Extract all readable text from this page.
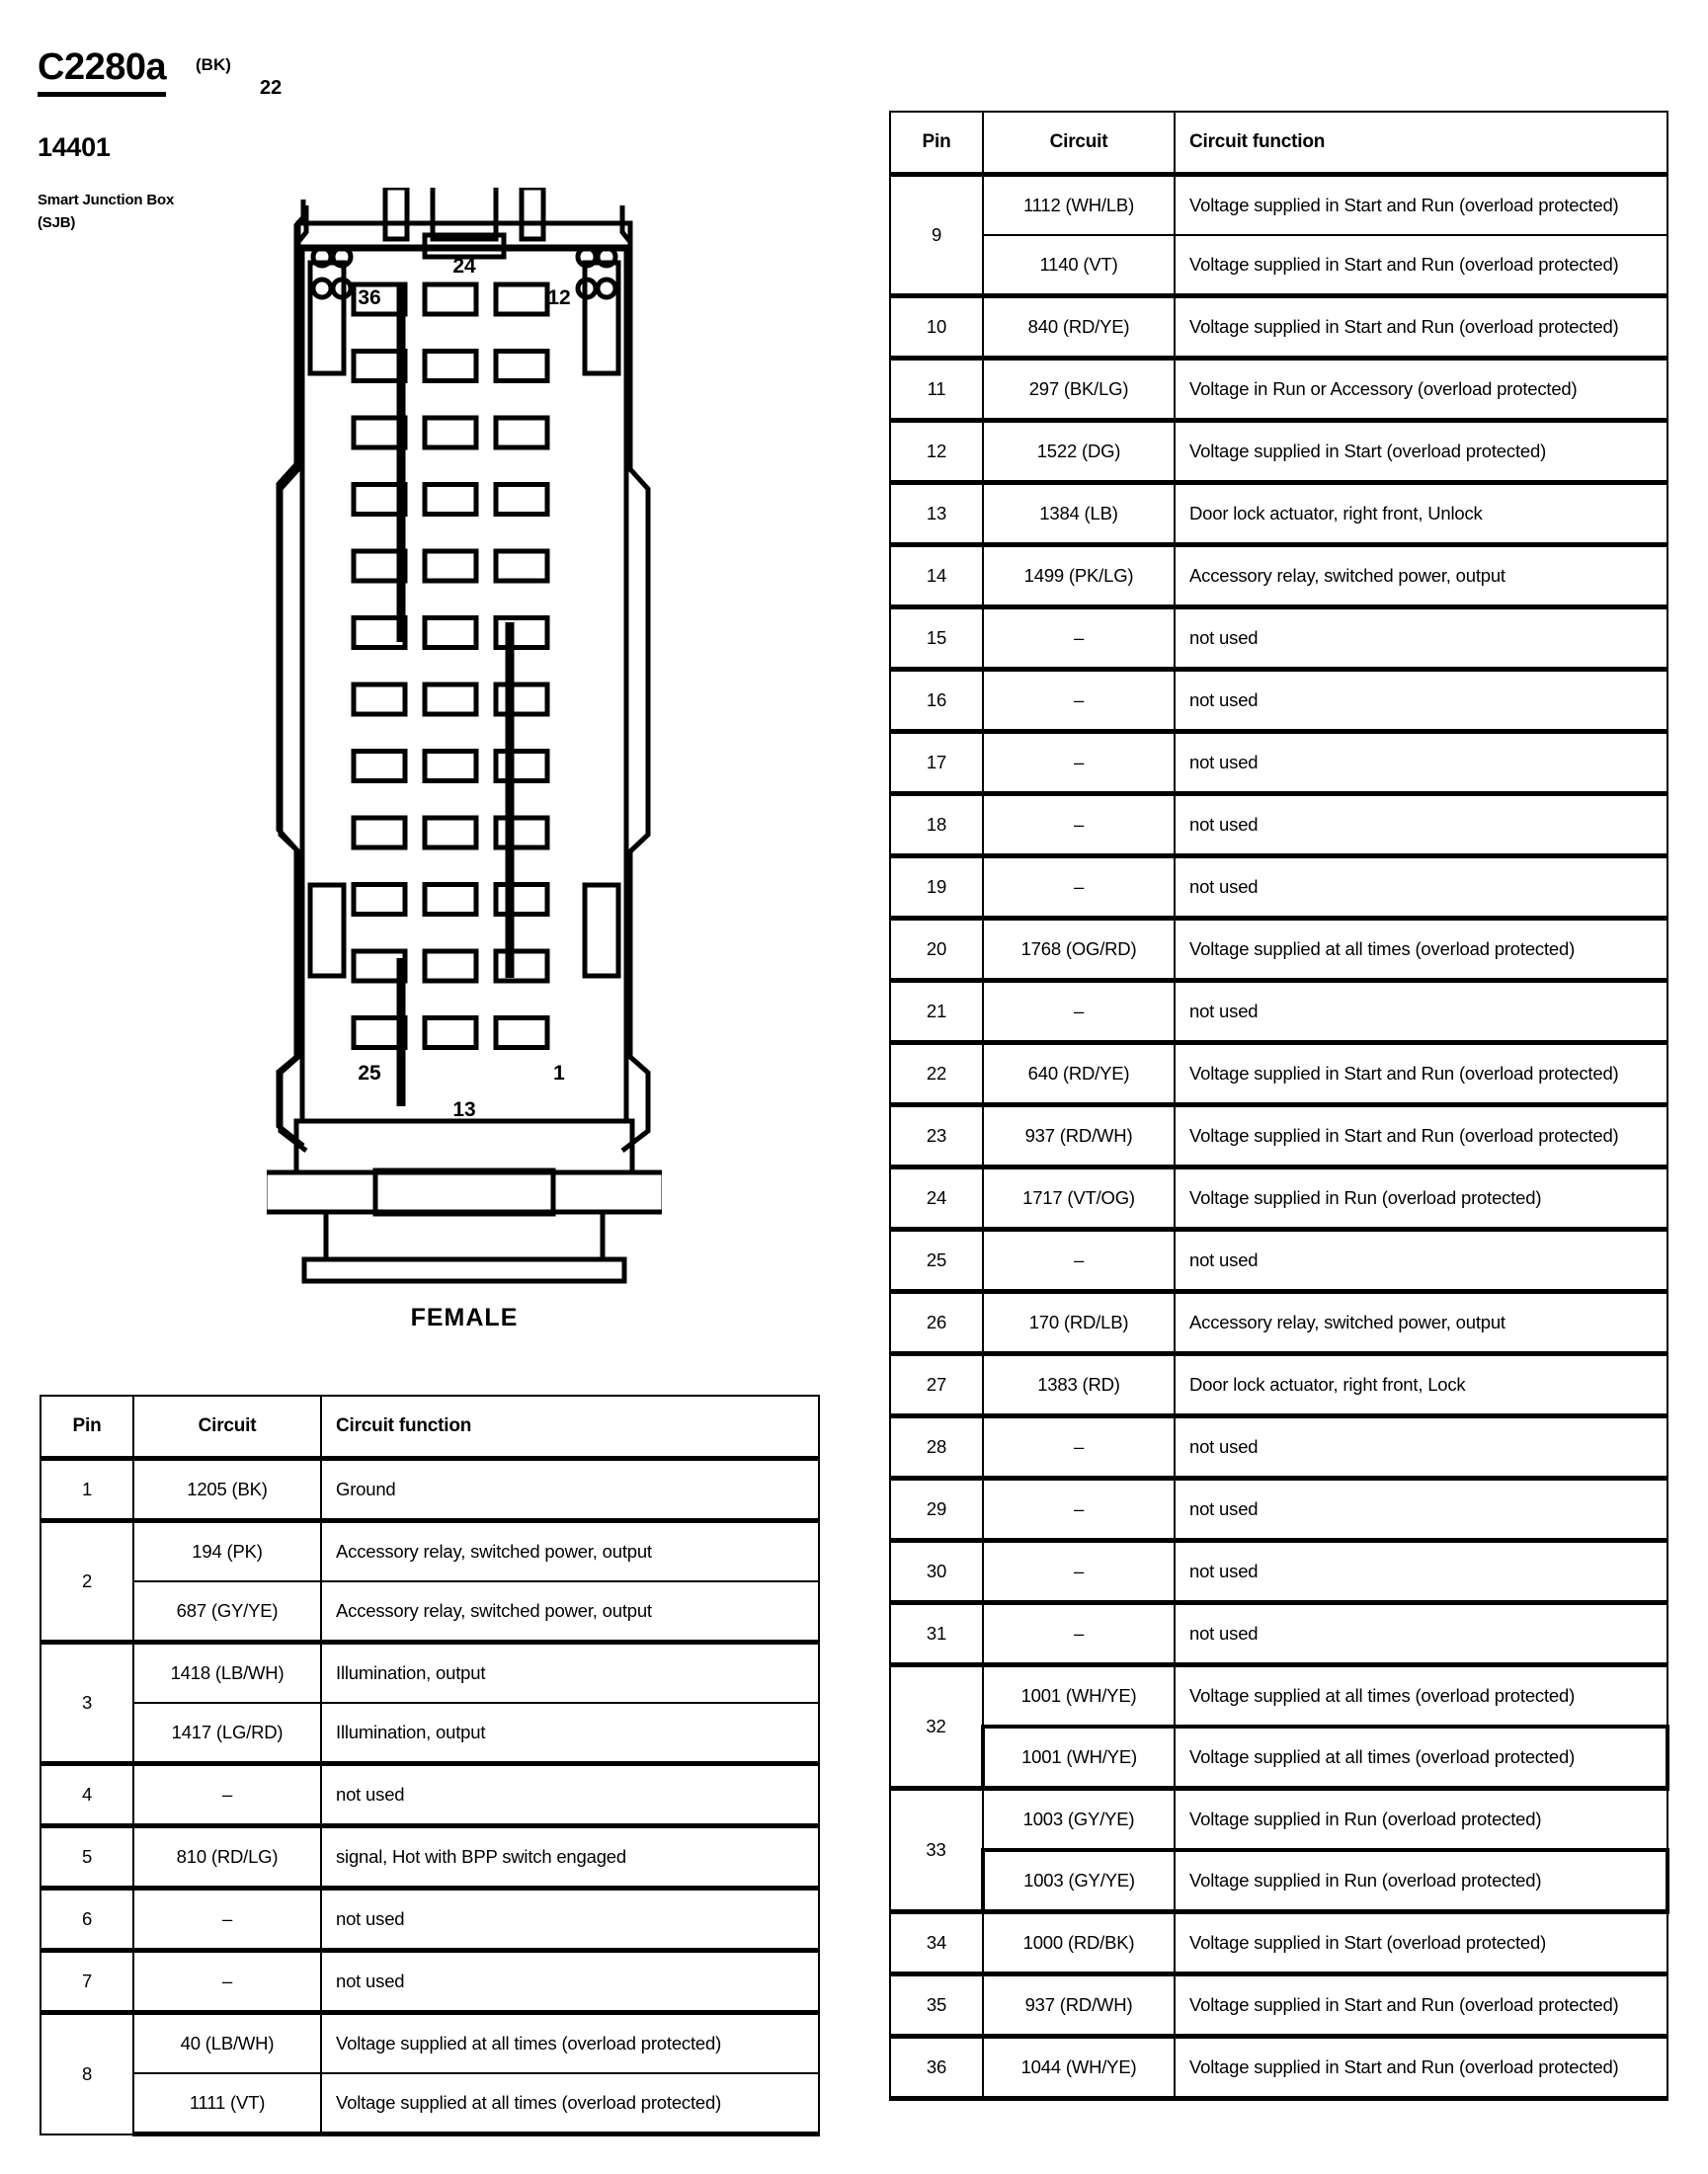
C2280a (BK)
22
14401
Smart Junction Box
(SJB)
24
36	12
25
13
1
FEMALE
Pin	Circuit	Circuit function
1	1205 (BK)	Ground
2	194 (PK)	Accessory relay, switched power, output
	687 (GY/YE)	Accessory relay, switched power, output
3	1418 (LB/WH)	Illumination, output
	1417 (LG/RD)	Illumination, output
4	–	not used
5	810 (RD/LG)	signal, Hot with BPP switch engaged
6	–	not used
7	–	not used
8	40 (LB/WH)	Voltage supplied at all times (overload protected)
	1111 (VT)	Voltage supplied at all times (overload protected)
Pin	Circuit	Circuit function
9	1112 (WH/LB)	Voltage supplied in Start and Run (overload protected)
	1140 (VT)	Voltage supplied in Start and Run (overload protected)
10	840 (RD/YE)	Voltage supplied in Start and Run (overload protected)
11	297 (BK/LG)	Voltage in Run or Accessory (overload protected)
12	1522 (DG)	Voltage supplied in Start (overload protected)
13	1384 (LB)	Door lock actuator, right front, Unlock
14	1499 (PK/LG)	Accessory relay, switched power, output
15	–	not used
16	–	not used
17	–	not used
18	–	not used
19	–	not used
20	1768 (OG/RD)	Voltage supplied at all times (overload protected)
21	–	not used
22	640 (RD/YE)	Voltage supplied in Start and Run (overload protected)
23	937 (RD/WH)	Voltage supplied in Start and Run (overload protected)
24	1717 (VT/OG)	Voltage supplied in Run (overload protected)
25	–	not used
26	170 (RD/LB)	Accessory relay, switched power, output
27	1383 (RD)	Door lock actuator, right front, Lock
28	–	not used
29	–	not used
30	–	not used
31	–	not used
32	1001 (WH/YE)	Voltage supplied at all times (overload protected)
	1001 (WH/YE)	Voltage supplied at all times (overload protected)
33	1003 (GY/YE)	Voltage supplied in Run (overload protected)
	1003 (GY/YE)	Voltage supplied in Run (overload protected)
34	1000 (RD/BK)	Voltage supplied in Start (overload protected)
35	937 (RD/WH)	Voltage supplied in Start and Run (overload protected)
36	1044 (WH/YE)	Voltage supplied in Start and Run (overload protected)
